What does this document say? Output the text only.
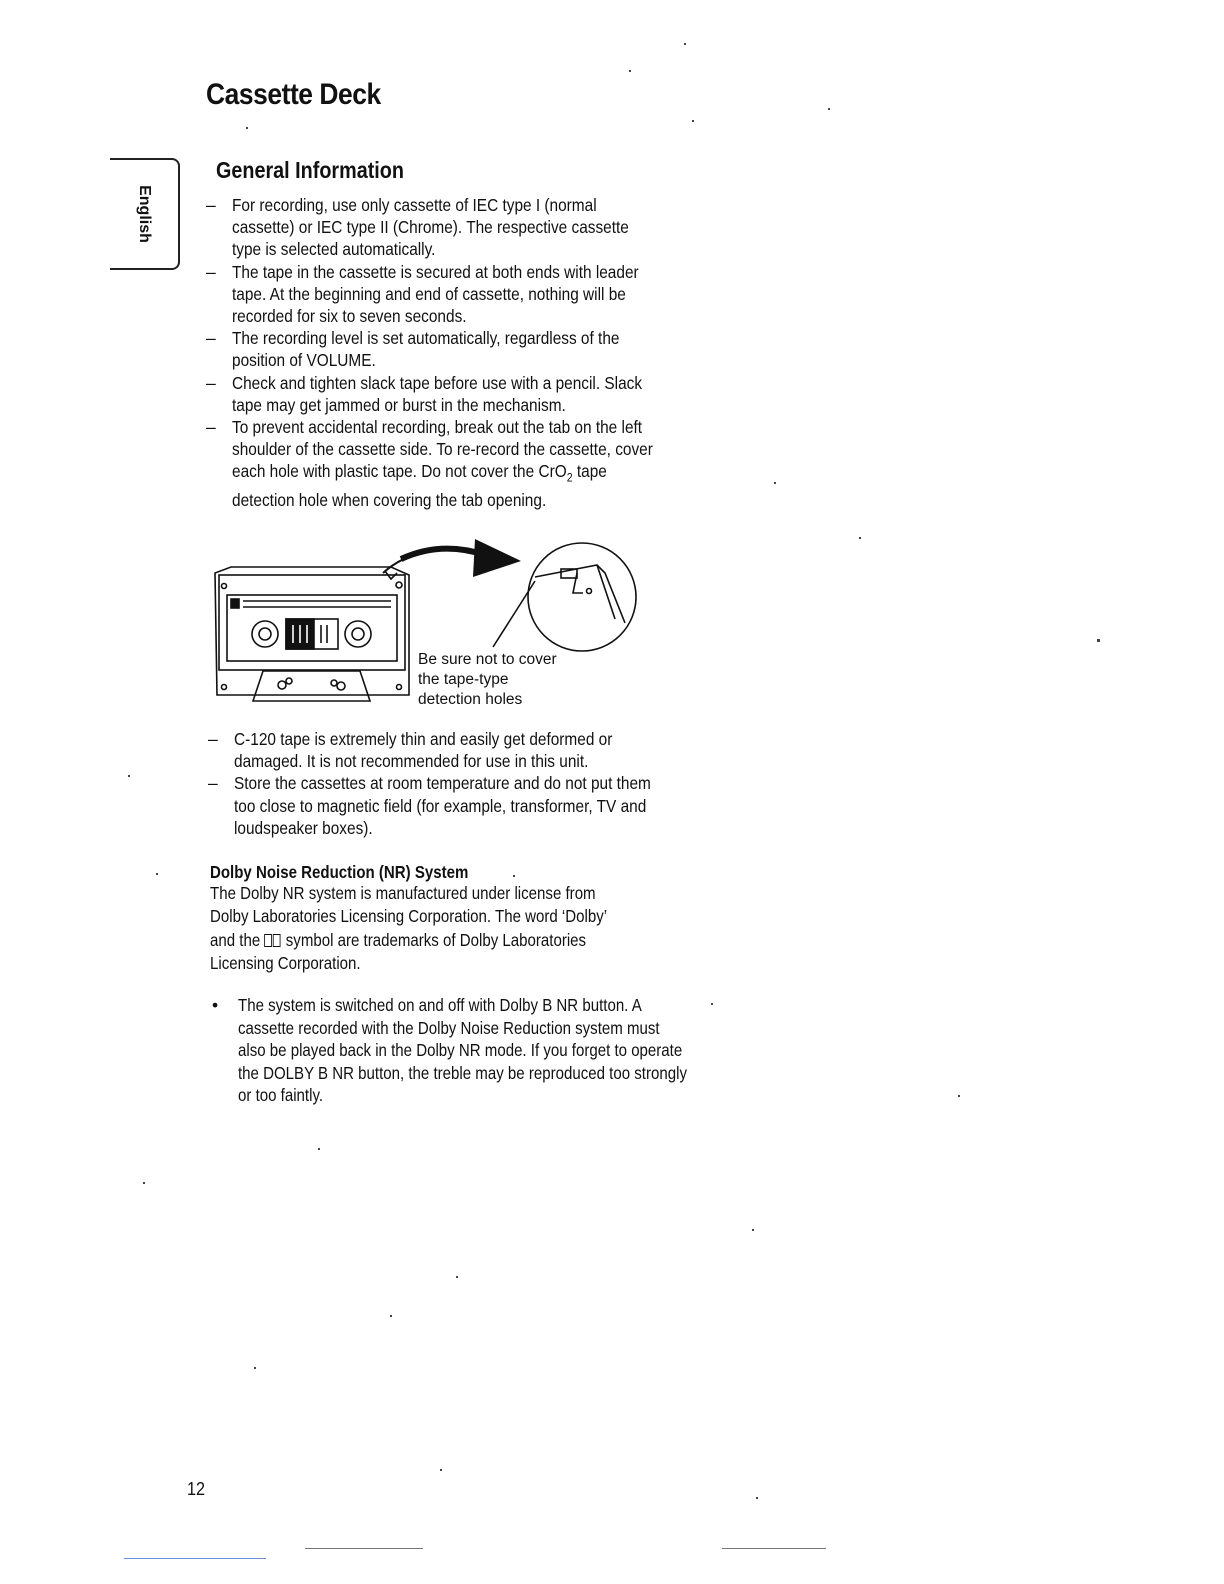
Cassette Deck
English
General Information
– For recording, use only cassette of IEC type I (normal cassette) or IEC type II (Chrome). The respective cassette type is selected automatically.
– The tape in the cassette is secured at both ends with leader tape. At the beginning and end of cassette, nothing will be recorded for six to seven seconds.
– The recording level is set automatically, regardless of the position of VOLUME.
– Check and tighten slack tape before use with a pencil. Slack tape may get jammed or burst in the mechanism.
– To prevent accidental recording, break out the tab on the left shoulder of the cassette side. To re-record the cassette, cover each hole with plastic tape. Do not cover the CrO$_2$ tape detection hole when covering the tab opening.
Be sure not to cover
the tape-type
detection holes
– C-120 tape is extremely thin and easily get deformed or damaged. It is not recommended for use in this unit.
– Store the cassettes at room temperature and do not put them too close to magnetic field (for example, transformer, TV and loudspeaker boxes).
Dolby Noise Reduction (NR) System

The Dolby NR system is manufactured under license from Dolby Laboratories Licensing Corporation. The word ‘Dolby’ and the  symbol are trademarks of Dolby Laboratories Licensing Corporation.

• The system is switched on and off with Dolby B NR button. A cassette recorded with the Dolby Noise Reduction system must also be played back in the Dolby NR mode. If you forget to operate the DOLBY B NR button, the treble may be reproduced too strongly or too faintly.
12
